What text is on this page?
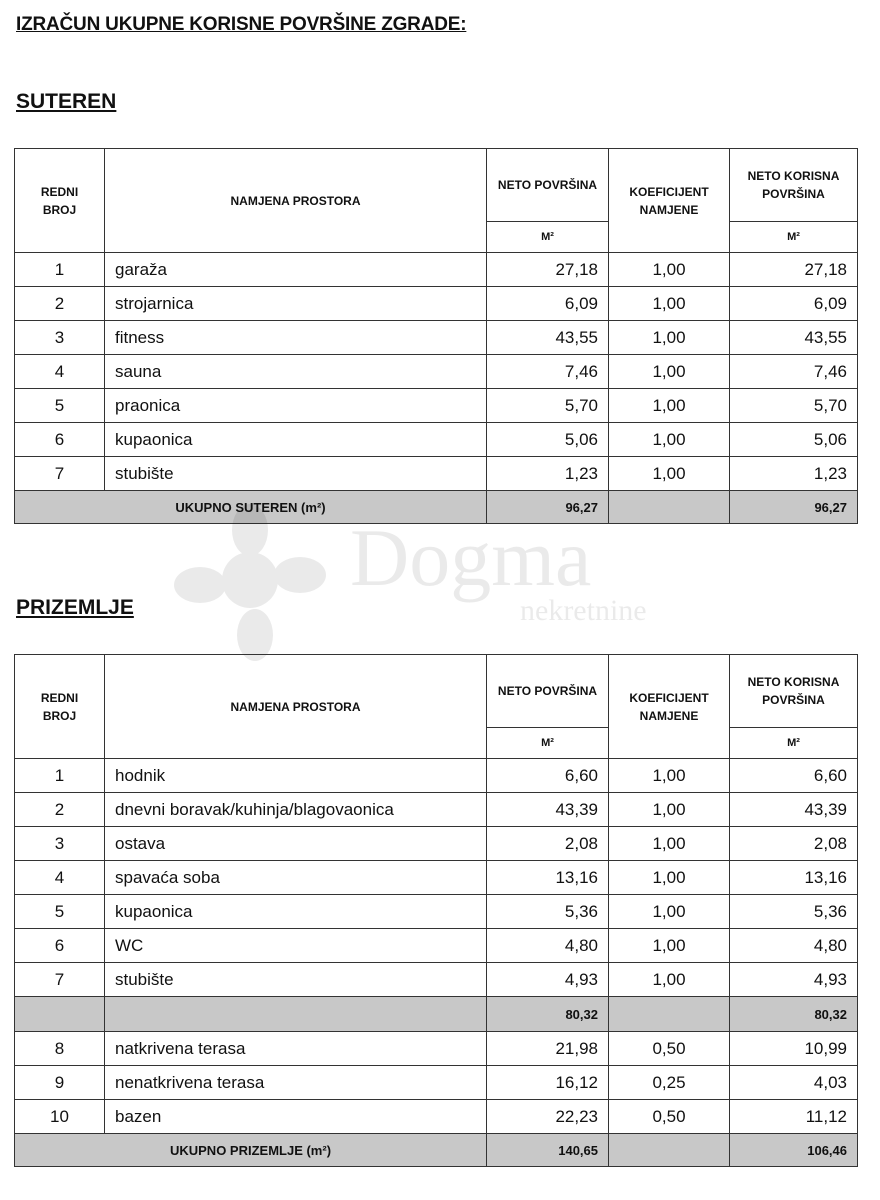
IZRAČUN UKUPNE KORISNE POVRŠINE ZGRADE:
SUTEREN
REDNI BROJ	NAMJENA PROSTORA	NETO POVRŠINA	KOEFICIJENT NAMJENE	NETO KORISNA POVRŠINA
		M²		M²
1	garaža	27,18	1,00	27,18
2	strojarnica	6,09	1,00	6,09
3	fitness	43,55	1,00	43,55
4	sauna	7,46	1,00	7,46
5	praonica	5,70	1,00	5,70
6	kupaonica	5,06	1,00	5,06
7	stubište	1,23	1,00	1,23
UKUPNO SUTEREN (m²)		96,27		96,27
Dogma
nekretnine
PRIZEMLJE
REDNI BROJ	NAMJENA PROSTORA	NETO POVRŠINA	KOEFICIJENT NAMJENE	NETO KORISNA POVRŠINA
		M²		M²
1	hodnik	6,60	1,00	6,60
2	dnevni boravak/kuhinja/blagovaonica	43,39	1,00	43,39
3	ostava	2,08	1,00	2,08
4	spavaća soba	13,16	1,00	13,16
5	kupaonica	5,36	1,00	5,36
6	WC	4,80	1,00	4,80
7	stubište	4,93	1,00	4,93
		80,32		80,32
8	natkrivena terasa	21,98	0,50	10,99
9	nenatkrivena terasa	16,12	0,25	4,03
10	bazen	22,23	0,50	11,12
UKUPNO PRIZEMLJE (m²)		140,65		106,46
